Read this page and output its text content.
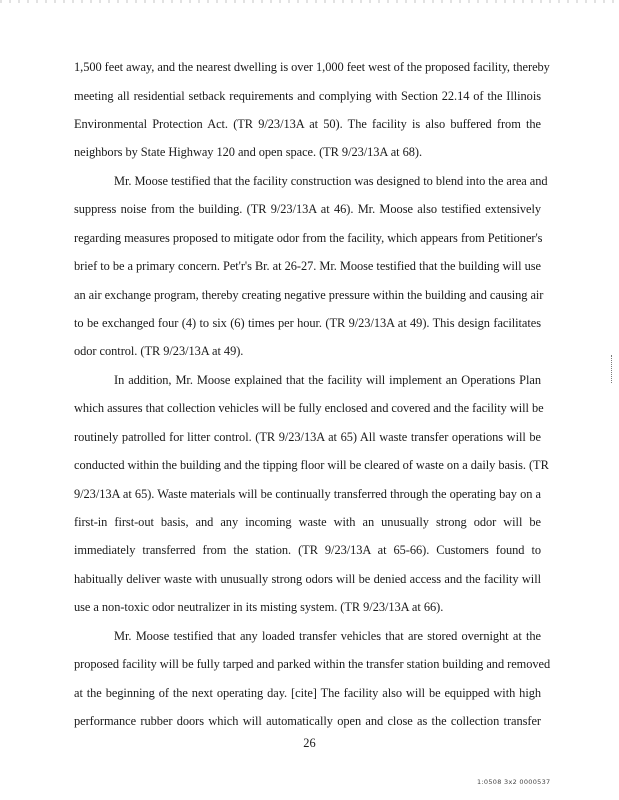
1,500 feet away, and the nearest dwelling is over 1,000 feet west of the proposed facility, thereby
meeting all residential setback requirements and complying with Section 22.14 of the Illinois
Environmental Protection Act. (TR 9/23/13A at 50). The facility is also buffered from the
neighbors by State Highway 120 and open space. (TR 9/23/13A at 68).
Mr. Moose testified that the facility construction was designed to blend into the area and
suppress noise from the building. (TR 9/23/13A at 46). Mr. Moose also testified extensively
regarding measures proposed to mitigate odor from the facility, which appears from Petitioner's
brief to be a primary concern. Pet'r's Br. at 26-27. Mr. Moose testified that the building will use
an air exchange program, thereby creating negative pressure within the building and causing air
to be exchanged four (4) to six (6) times per hour. (TR 9/23/13A at 49). This design facilitates
odor control. (TR 9/23/13A at 49).
In addition, Mr. Moose explained that the facility will implement an Operations Plan
which assures that collection vehicles will be fully enclosed and covered and the facility will be
routinely patrolled for litter control. (TR 9/23/13A at 65) All waste transfer operations will be
conducted within the building and the tipping floor will be cleared of waste on a daily basis. (TR
9/23/13A at 65). Waste materials will be continually transferred through the operating bay on a
first-in first-out basis, and any incoming waste with an unusually strong odor will be
immediately transferred from the station. (TR 9/23/13A at 65-66). Customers found to
habitually deliver waste with unusually strong odors will be denied access and the facility will
use a non-toxic odor neutralizer in its misting system. (TR 9/23/13A at 66).
Mr. Moose testified that any loaded transfer vehicles that are stored overnight at the
proposed facility will be fully tarped and parked within the transfer station building and removed
at the beginning of the next operating day. [cite] The facility also will be equipped with high
performance rubber doors which will automatically open and close as the collection transfer
26
1:0508 3x2 0000537
